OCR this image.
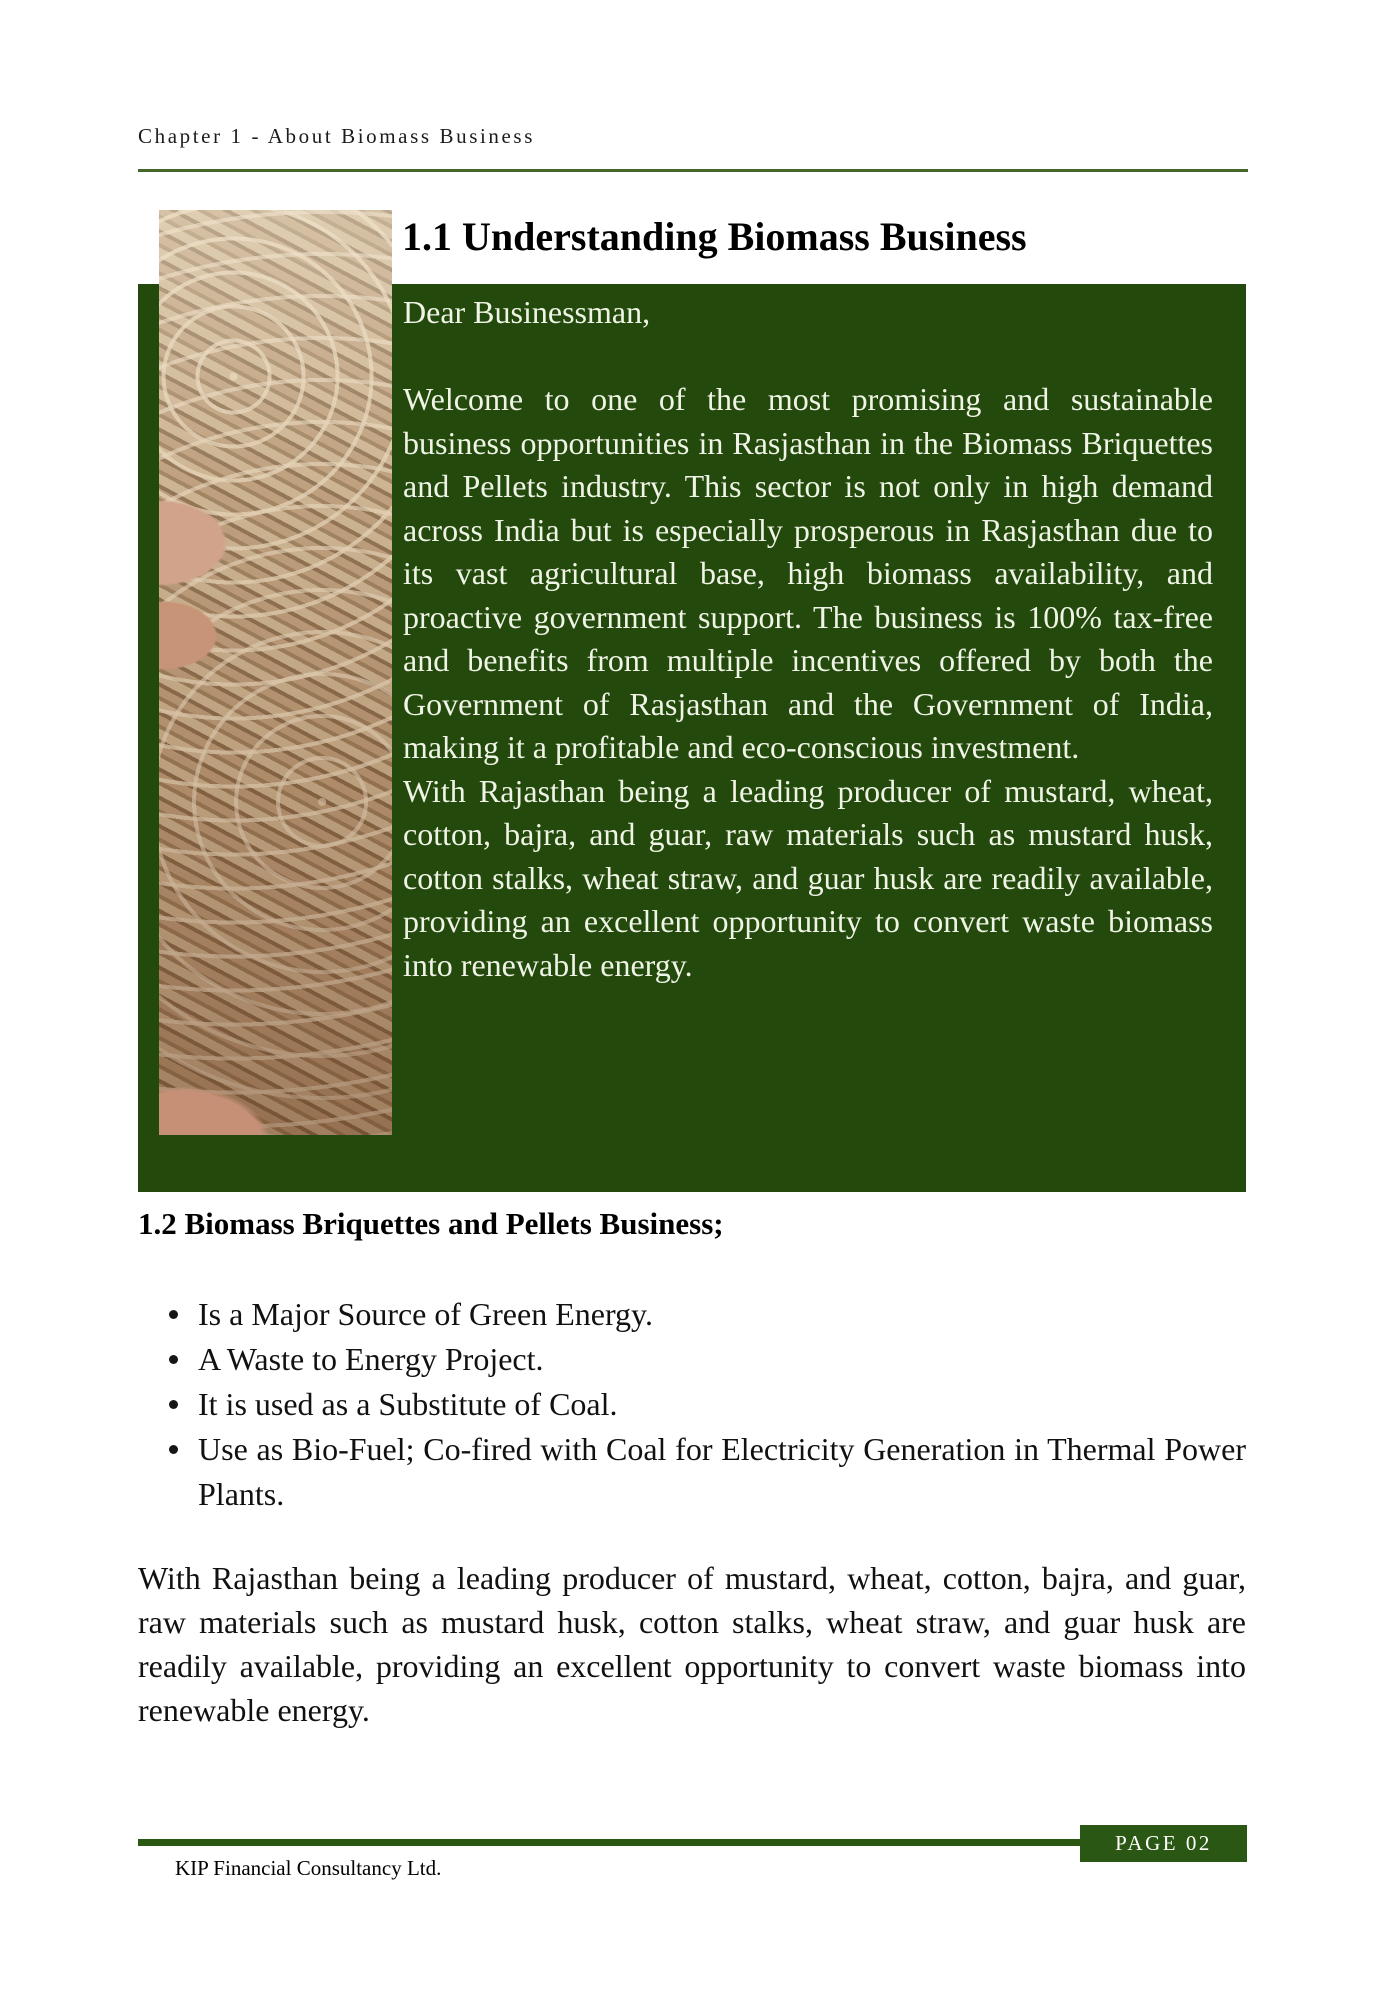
Chapter 1 - About Biomass Business
1.1 Understanding Biomass Business

Dear Businessman,

Welcome to one of the most promising and sustainable business opportunities in Rasjasthan in the Biomass Briquettes and Pellets industry. This sector is not only in high demand across India but is especially prosperous in Rasjasthan due to its vast agricultural base, high biomass availability, and proactive government support. The business is 100% tax-free and benefits from multiple incentives offered by both the Government of Rasjasthan and the Government of India, making it a profitable and eco-conscious investment.

With Rajasthan being a leading producer of mustard, wheat, cotton, bajra, and guar, raw materials such as mustard husk, cotton stalks, wheat straw, and guar husk are readily available, providing an excellent opportunity to convert waste biomass into renewable energy.

1.2 Biomass Briquettes and Pellets Business;
Is a Major Source of Green Energy.
A Waste to Energy Project.
It is used as a Substitute of Coal.
Use as Bio-Fuel; Co-fired with Coal for Electricity Generation in Thermal Power Plants.

With Rajasthan being a leading producer of mustard, wheat, cotton, bajra, and guar, raw materials such as mustard husk, cotton stalks, wheat straw, and guar husk are readily available, providing an excellent opportunity to convert waste biomass into renewable energy.

PAGE 02
KIP Financial Consultancy Ltd.
